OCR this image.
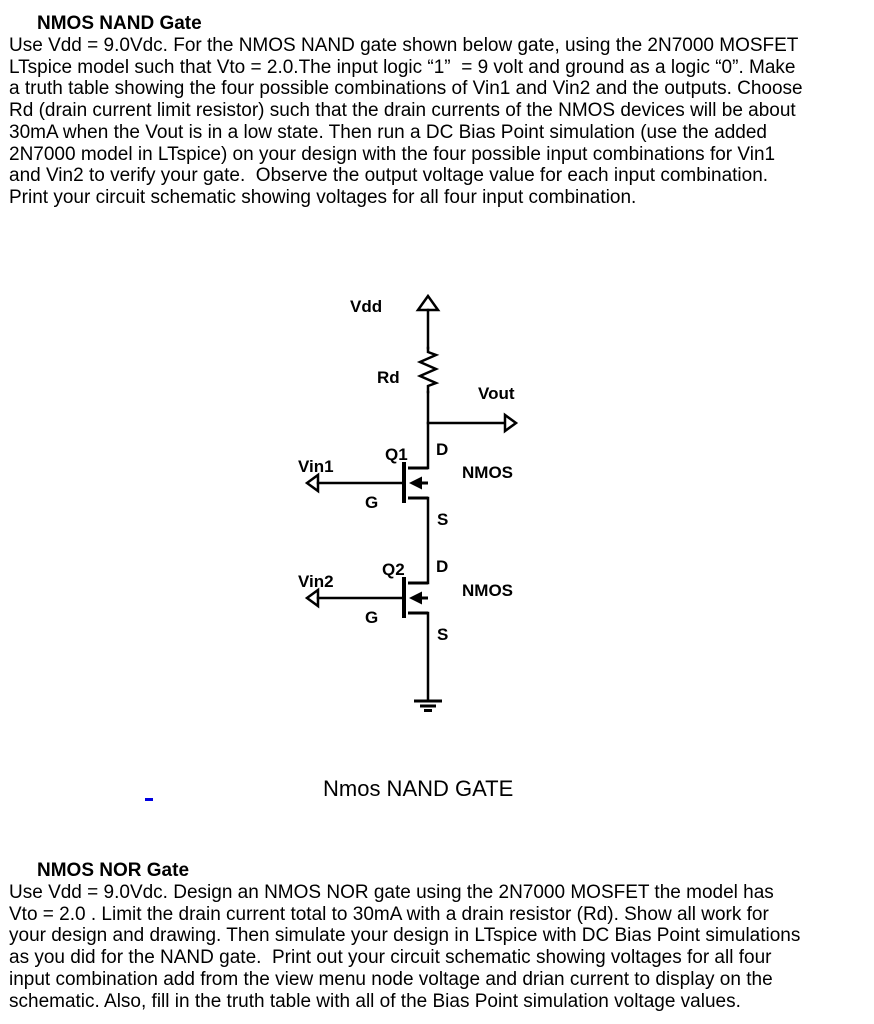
NMOS NAND Gate
Use Vdd = 9.0Vdc. For the NMOS NAND gate shown below gate, using the 2N7000 MOSFET
LTspice model such that Vto = 2.0.The input logic “1”  = 9 volt and ground as a logic “0”. Make
a truth table showing the four possible combinations of Vin1 and Vin2 and the outputs. Choose
Rd (drain current limit resistor) such that the drain currents of the NMOS devices will be about
30mA when the Vout is in a low state. Then run a DC Bias Point simulation (use the added
2N7000 model in LTspice) on your design with the four possible input combinations for Vin1
and Vin2 to verify your gate.  Observe the output voltage value for each input combination.
Print your circuit schematic showing voltages for all four input combination.
Vdd
Rd
Vout
Q1 D
Vin1	NMOS
G
S
D
Q2
Vin2	NMOS
G
S
Nmos NAND GATE
NMOS NOR Gate
Use Vdd = 9.0Vdc. Design an NMOS NOR gate using the 2N7000 MOSFET the model has
Vto = 2.0 . Limit the drain current total to 30mA with a drain resistor (Rd). Show all work for
your design and drawing. Then simulate your design in LTspice with DC Bias Point simulations
as you did for the NAND gate.  Print out your circuit schematic showing voltages for all four
input combination add from the view menu node voltage and drian current to display on the
schematic. Also, fill in the truth table with all of the Bias Point simulation voltage values.
